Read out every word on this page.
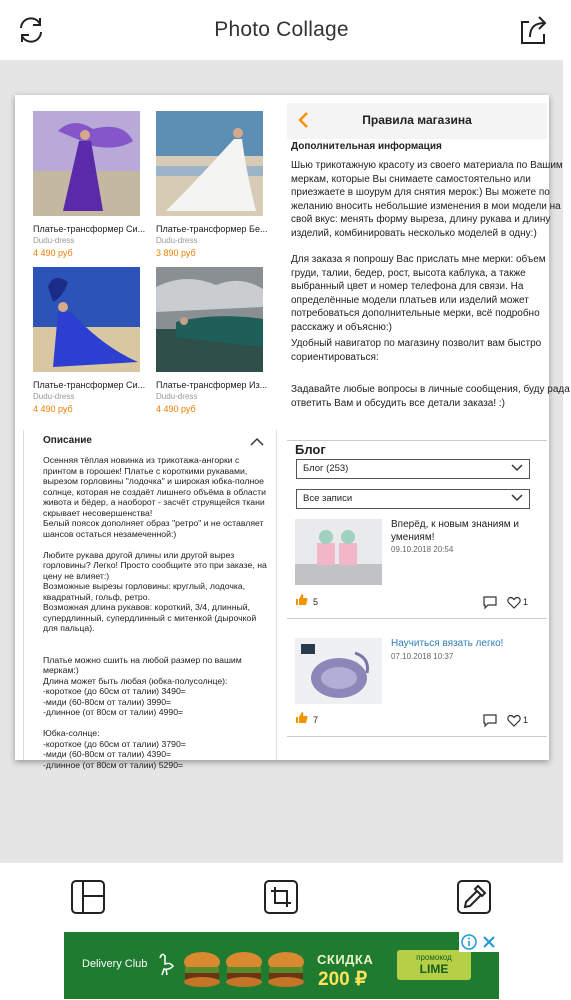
Photo Collage
Платье-трансформер Си...
Dudu-dress
4 490 руб
Платье-трансформер Бе...
Dudu-dress
3 890 руб
Платье-трансформер Си...
Dudu-dress
4 490 руб
Платье-трансформер Из...
Dudu-dress
4 490 руб
Правила магазина
Дополнительная информация
Шью трикотажную красоту из своего материала по Вашим меркам, которые Вы снимаете самостоятельно или приезжаете в шоурум для снятия мерок:) Вы можете по желанию вносить небольшие изменения в мои модели на свой вкус: менять форму выреза, длину рукава и длину изделий, комбинировать несколько моделей в одну:)
Для заказа я попрошу Вас прислать мне мерки: объем груди, талии, бедер, рост, высота каблука, а также выбранный цвет и номер телефона для связи. На определённые модели платьев или изделий может потребоваться дополнительные мерки, всё подробно расскажу и объясню:)
Удобный навигатор по магазину позволит вам быстро сориентироваться:
Задавайте любые вопросы в личные сообщения, буду рада ответить Вам и обсудить все детали заказа! :)
Описание
Осенняя тёплая новинка из трикотажа-ангорки с принтом в горошек! Платье с короткими рукавами, вырезом горловины "лодочка" и широкая юбка-полное солнце, которая не создаёт лишнего объёма в области живота и бёдер, а наоборот - засчёт струящейся ткани скрывает несовершенства!
Белый поясок дополняет образ "ретро" и не оставляет шансов остаться незамеченной:)

Любите рукава другой длины или другой вырез горловины? Легко! Просто сообщите это при заказе, на цену не влияет:)
Возможные вырезы горловины: круглый, лодочка, квадратный, гольф, ретро.
Возможная длина рукавов: короткий, 3/4, длинный, супердлинный, супердлинный с митенкой (дырочкой для пальца).

Платье можно сшить на любой размер по вашим меркам:)
Длина может быть любая (юбка-полусолнце):
-короткое (до 60см от талии) 3490=
-миди (60-80см от талии) 3990=
-длинное (от 80см от талии) 4990=

Юбка-солнце:
-короткое (до 60см от талии) 3790=
-миди (60-80см от талии) 4390=
-длинное (от 80см от талии) 5290=
Блог
Блог (253)
Все записи
Вперёд, к новым знаниям и умениям!
09.10.2018 20:54
5	1
Научиться вязать легко!
07.10.2018 10:37
7	1
Delivery Club	СКИДКА
200 ₽
промокод
LIME
